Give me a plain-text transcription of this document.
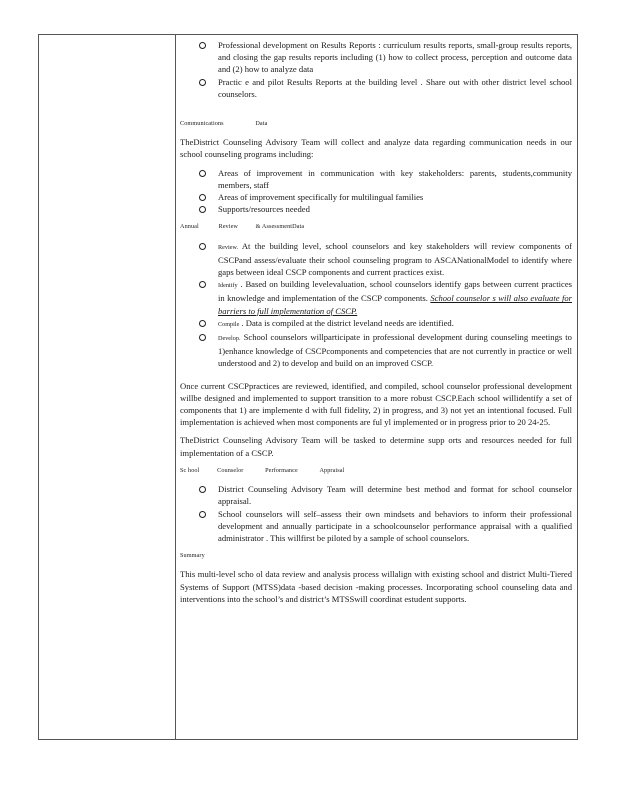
Professional development on Results Reports : curriculum results reports, small-group results reports, and closing the gap results reports including (1) how to collect process, perception and outcome data and (2) how to analyze data
Practic e and pilot Results Reports at the building level . Share out with other district level school counselors.
Communications	Data

TheDistrict Counseling Advisory Team will collect and analyze data regarding communication needs in our school counseling programs including:

Areas of improvement in communication with key stakeholders: parents, students,community members, staff
Areas of improvement specifically for multilingual families
Supports/resources needed
Annual	Review	& AssessmentData
Review. At the building level, school counselors and key stakeholders will review components of CSCPand assess/evaluate their school counseling program to ASCANationalModel to identify where gaps between ideal CSCP components and current practices exist.
Identify . Based on building levelevaluation, school counselors identify gaps between current practices in knowledge and implementation of the CSCP components. School counselor s will also evaluate for barriers to full implementation of CSCP.
Compile . Data is compiled at the district leveland needs are identified.
Develop. School counselors willparticipate in professional development during counseling meetings to 1)enhance knowledge of CSCPcomponents and competencies that are not currently in practice or well understood and 2) to develop and build on an improved CSCP.

Once current CSCPpractices are reviewed, identified, and compiled, school counselor professional development willbe designed and implemented to support transition to a more robust CSCP.Each school willidentify a set of components that 1) are implemente d with full fidelity, 2) in progress, and 3) not yet an intentional focused. Full implementation is achieved when most components are ful yl implemented or in progress prior to 20 24-25.

TheDistrict Counseling Advisory Team will be tasked to determine supp orts and resources needed for full implementation of a CSCP.

Sc hool	Counselor	Performance	Appraisal
District Counseling Advisory Team will determine best method and format for school counselor appraisal.
School counselors will self–assess their own mindsets and behaviors to inform their professional development and annually participate in a schoolcounselor performance appraisal with a qualified administrator . This willfirst be piloted by a sample of school counselors.
Summary

This multi-level scho ol data review and analysis process willalign with existing school and district Multi-Tiered Systems of Support (MTSS)data -based decision -making processes. Incorporating school counseling data and interventions into the school’s and district’s MTSSwill coordinat estudent supports.
